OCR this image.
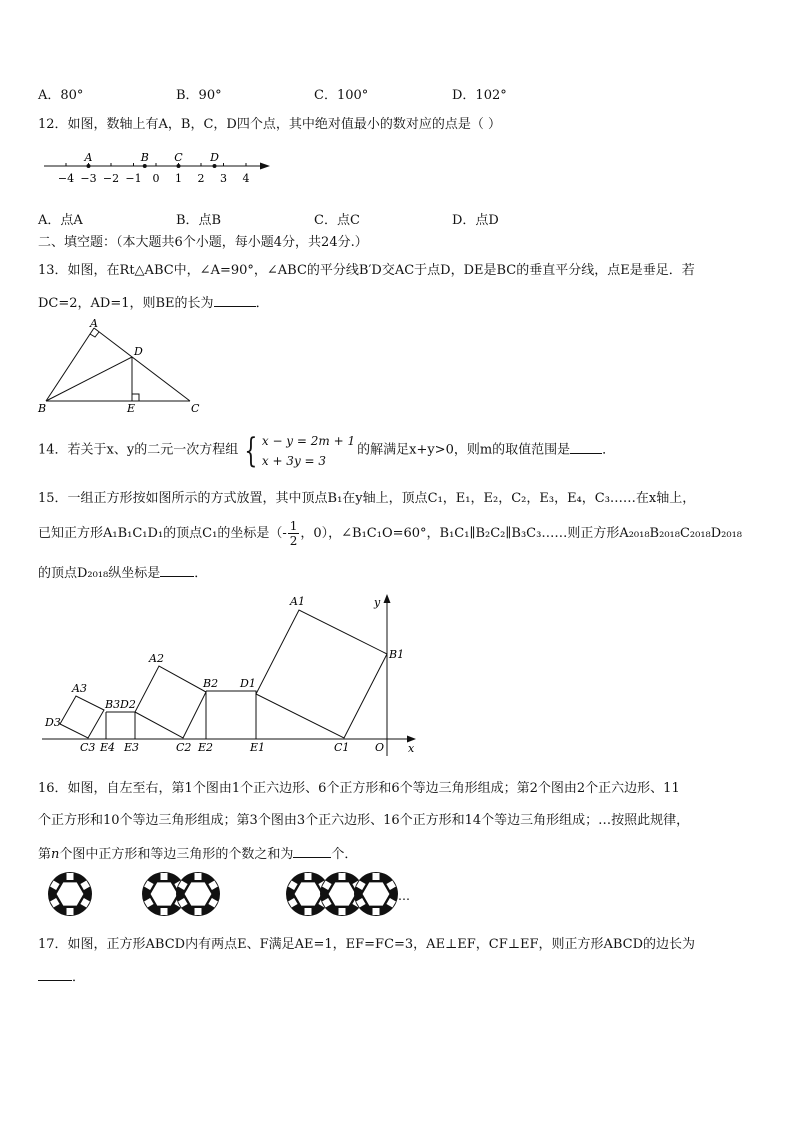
A．80°	B．90°	C．100°	D．102°
12．如图，数轴上有A，B，C，D四个点，其中绝对值最小的数对应的点是（ ）
−4 −3 −2 −1 0 1 2 3 4
A	B C D
A．点A	B．点B	C．点C	D．点D
二、填空题：（本大题共6个小题，每小题4分，共24分.）
13．如图，在Rt△ABC中，∠A=90°，∠ABC的平分线B′D交AC于点D，DE是BC的垂直平分线，点E是垂足．若
DC=2，AD=1，则BE的长为	．
A
D
B	E	C
14．若关于x、y的二元一次方程组 { x − y = 2m + 1
x + 3y = 3
的解满足x+y>0，则m的取值范围是 ．
15．一组正方形按如图所示的方式放置，其中顶点B₁在y轴上，顶点C₁，E₁，E₂，C₂，E₃，E₄，C₃……在x轴上，
已知正方形A₁B₁C₁D₁的顶点C₁的坐标是（- $\frac{1}{2}$ ，0），∠B₁C₁O=60°，B₁C₁∥B₂C₂∥B₃C₃……则正方形A₂₀₁₈B₂₀₁₈C₂₀₁₈D₂₀₁₈
的顶点D₂₀₁₈纵坐标是	．
A1
B1
C1
D1
E1
A2
B2
C2
D2
E2
A3
B3
C3
D3
E3
E4	O x
y
16．如图，自左至右，第1个图由1个正六边形、6个正方形和6个等边三角形组成；第2个图由2个正六边形、11
个正方形和10个等边三角形组成；第3个图由3个正六边形、16个正方形和14个等边三角形组成；…按照此规律，
第n个图中正方形和等边三角形的个数之和为	个．
…
17．如图，正方形ABCD内有两点E、F满足AE=1，EF=FC=3，AE⊥EF，CF⊥EF，则正方形ABCD的边长为
．
